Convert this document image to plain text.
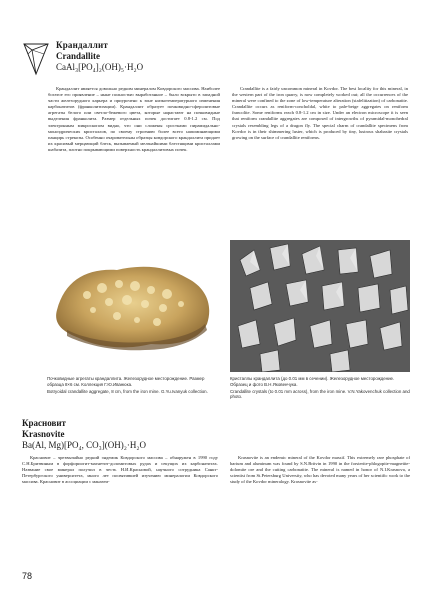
Крандаллит
Crandallite
CaAl₃[PO₄]₂(OH)₅·H₂O

Крандаллит является довольно редким минералом Ковдорского массива. Наиболее богатое его проявление – ныне полностью выработанное – было вскрыто в западной части железорудного карьера и приурочено к зоне низкотемпературного изменения карбонатитов (франколитизации). Крандаллит образует почковидно-сферолитовые агрегаты белого или светло-бежевого цвета, которые нарастают на почковидные выделения франколита. Размер отдельных почек достигает 0.8-1.2 см. Под электронным микроскопом видно, что они сложены сростками пирамидально-моноэдрических кристаллов, по своему строению более всего напоминающими панцирь стрекозы. Особенно очаровательны образцы ковдорского крандаллита придает их красивый мерцающий блеск, вызываемый мельчайшими блестящими кристаллами шабазита, плотно покрывающими поверхность крандаллитовых почек.

Crandallite is a fairly uncommon mineral in Kovdor. The best locality for this mineral, in the western part of the iron quarry, is now completely worked out; all the occurrences of the mineral were confined to the zone of low-temperature alteration (stafelitization) of carbonatite. Crandallite occurs as reniform-concholdal, white to pale-beige aggregates on reniform francolite. Some reniforms reach 0.8-1.2 cm in size. Under an electron microscope it is seen that reniform crandallite aggregates are composed of intergrowths of pyramidal-monohedral crystals resembling legs of a dragon fly. The special charm of crandallite specimens from Kovdor is in their shimmering luster, which is produced by tiny, lustrous shabasite crystals growing on the surface of crandallite reniforms.

Почковидные агрегаты крандаллита. Железорудное месторождение. Размер образца 8×6 см. Коллекция Г.Ю.Иванюка.

Botryoidal crandallite aggregate, 8 cm, from the iron mine. G.Yu.Ivanyuk collection.

Кристаллы крандаллита (до 0.01 мм в сечении). Железорудное месторождение. Образец и фото В.Н.Яковенчука.

Crandallite crystals (to 0.01 mm across), from the iron mine. V.N.Yakovenchuk collection and photo.

Красновит
Krasnovite
Ba(Al, Mg)[PO₄, CO₃](OH)₂·H₂O

Красновит – чрезвычайно редкий эндемик Ковдорского массива – обнаружен в 1990 году С.Н.Бритвиным в форфориогит-магнетит-доломитовых рудах и секущих их карбонатитах. Название свое минерал получил в честь Н.И.Красновой, научного сотрудника Санкт-Петербургского университета, много лет посвятившей изучению минералогии Ковдорского массива. Красновит в ассоциации с маназеи-

Krasnovite is an endemic mineral of the Kovdor massif. This extremely rare phosphate of barium and aluminum was found by S.N.Britvin in 1990 in the forsterite-phlogopite-magnetite-dolomite ore and the cutting carbonatite. The mineral is named in honor of N.I.Krasnova, a scientist from St.Petersburg University, who has devoted many years of her scientific work to the study of the Kovdor mineralogy. Krasnovite as-

78
